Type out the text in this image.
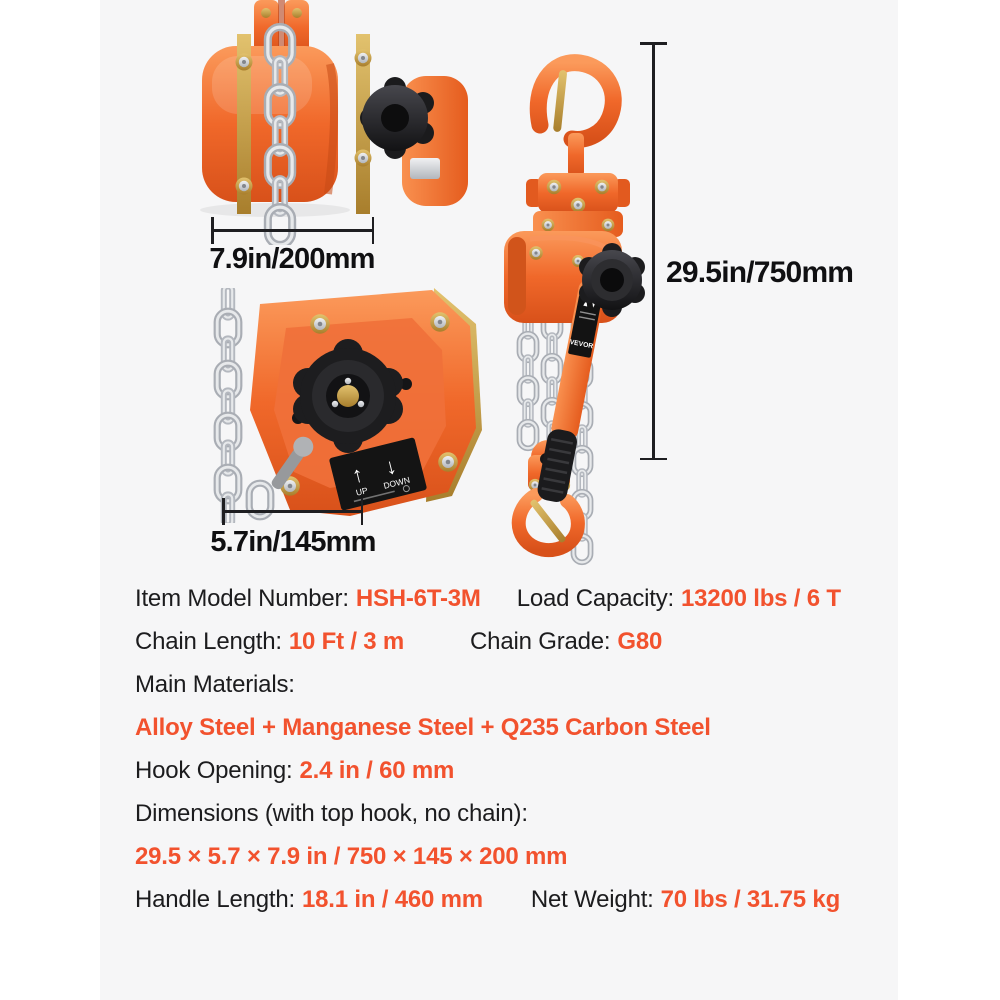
7.9in/200mm
↑ ↓
UP
DOWN
5.7in/145mm
VEVOR
29.5in/750mm
Item Model Number: HSH-6T-3M Load Capacity: 13200 lbs / 6 T
Chain Length: 10 Ft / 3 m	Chain Grade: G80
Main Materials:
Alloy Steel + Manganese Steel + Q235 Carbon Steel
Hook Opening: 2.4 in / 60 mm
Dimensions (with top hook, no chain):
29.5 × 5.7 × 7.9 in / 750 × 145 × 200 mm
Handle Length: 18.1 in / 460 mm Net Weight: 70 lbs / 31.75 kg
